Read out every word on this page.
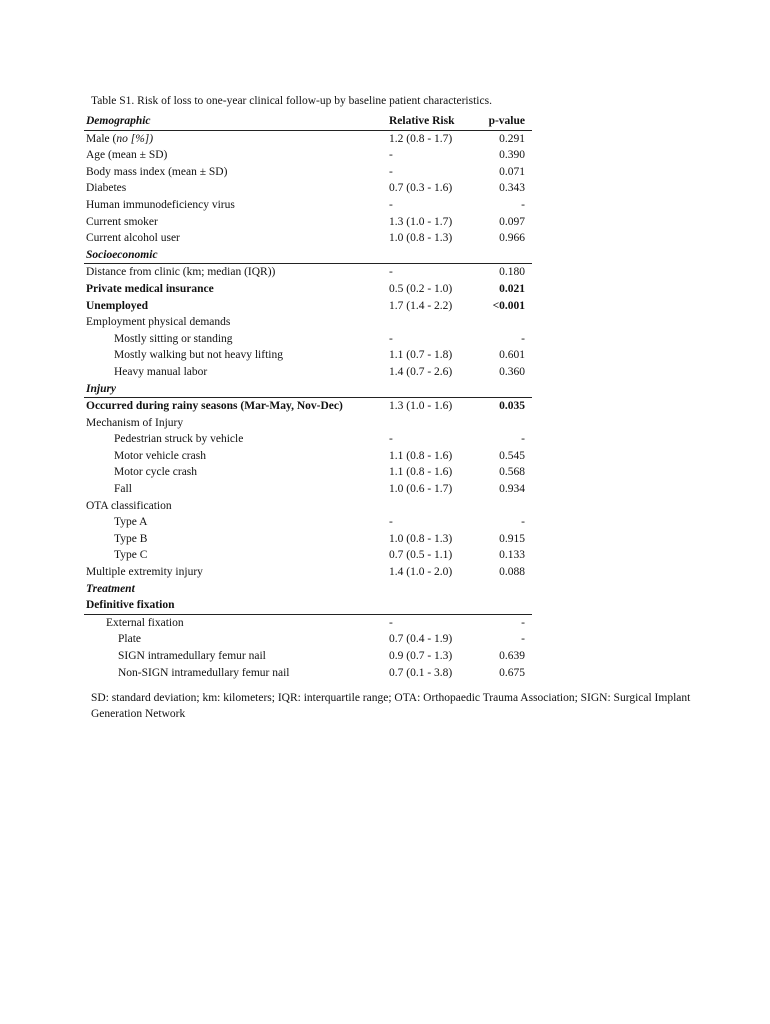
Table S1. Risk of loss to one-year clinical follow-up by baseline patient characteristics.
Demographic	Relative Risk	p-value
Male (no [%])	1.2 (0.8 - 1.7)	0.291
Age (mean ± SD)	-	0.390
Body mass index (mean ± SD)	-	0.071
Diabetes	0.7 (0.3 - 1.6)	0.343
Human immunodeficiency virus	-	-
Current smoker	1.3 (1.0 - 1.7)	0.097
Current alcohol user	1.0 (0.8 - 1.3)	0.966
Socioeconomic
Distance from clinic (km; median (IQR))	-	0.180
Private medical insurance	0.5 (0.2 - 1.0)	0.021
Unemployed	1.7 (1.4 - 2.2)	<0.001
Employment physical demands
Mostly sitting or standing	-	-
Mostly walking but not heavy lifting	1.1 (0.7 - 1.8)	0.601
Heavy manual labor	1.4 (0.7 - 2.6)	0.360
Injury
Occurred during rainy seasons (Mar-May, Nov-Dec)	1.3 (1.0 - 1.6)	0.035
Mechanism of Injury
Pedestrian struck by vehicle	-	-
Motor vehicle crash	1.1 (0.8 - 1.6)	0.545
Motor cycle crash	1.1 (0.8 - 1.6)	0.568
Fall	1.0 (0.6 - 1.7)	0.934
OTA classification
Type A	-	-
Type B	1.0 (0.8 - 1.3)	0.915
Type C	0.7 (0.5 - 1.1)	0.133
Multiple extremity injury	1.4 (1.0 - 2.0)	0.088
Treatment
Definitive fixation
External fixation	-	-
Plate	0.7 (0.4 - 1.9)	-
SIGN intramedullary femur nail	0.9 (0.7 - 1.3)	0.639
Non-SIGN intramedullary femur nail	0.7 (0.1 - 3.8)	0.675
SD: standard deviation; km: kilometers; IQR: interquartile range; OTA: Orthopaedic Trauma Association; SIGN: Surgical Implant Generation Network
